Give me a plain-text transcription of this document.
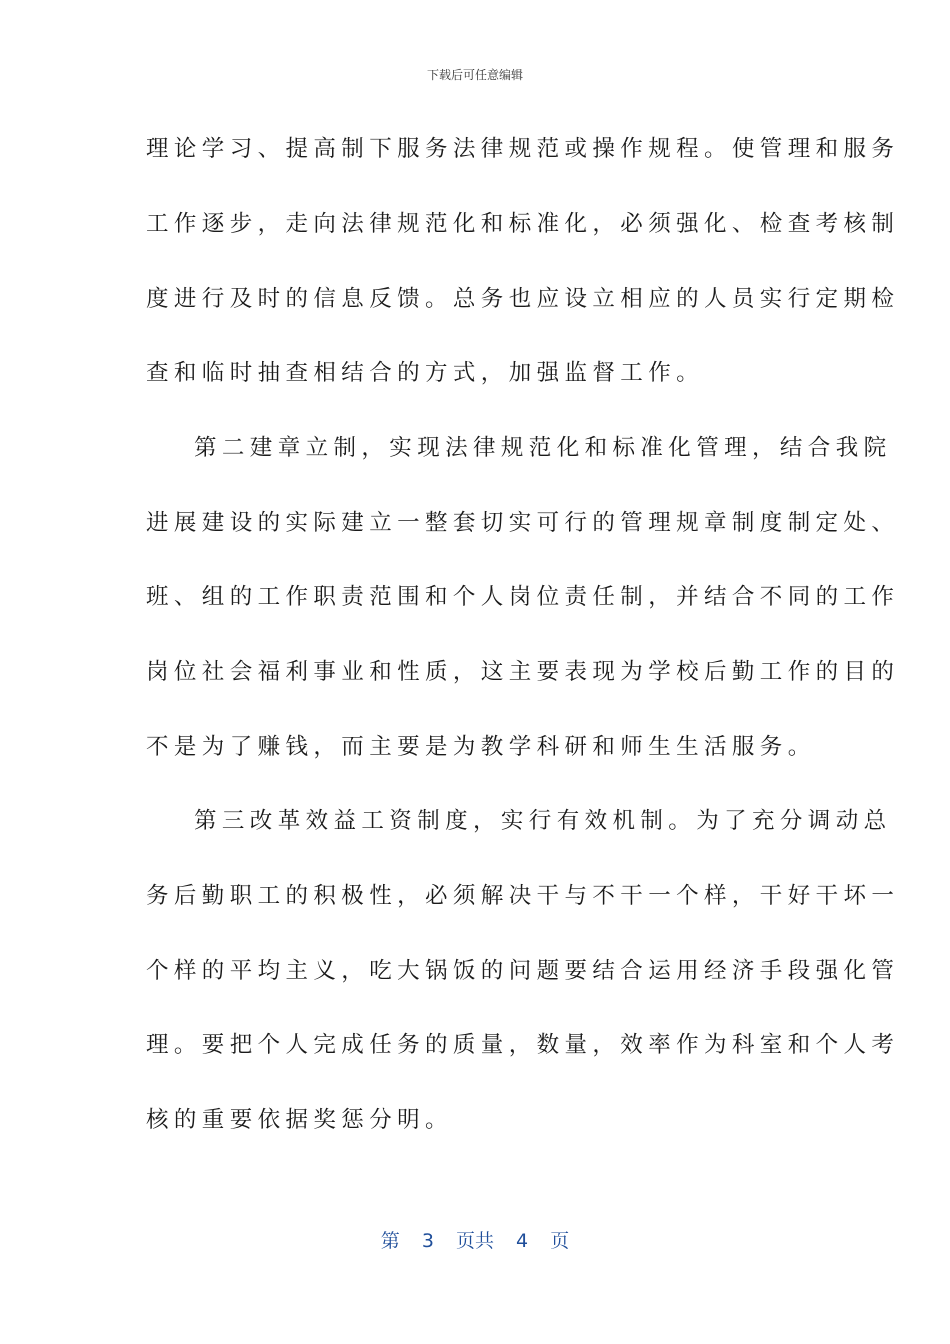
下载后可任意编辑
理论学习、提高制下服务法律规范或操作规程。使管理和服务
工作逐步，走向法律规范化和标准化，必须强化、检查考核制
度进行及时的信息反馈。总务也应设立相应的人员实行定期检
查和临时抽查相结合的方式，加强监督工作。
第二建章立制，实现法律规范化和标准化管理，结合我院
进展建设的实际建立一整套切实可行的管理规章制度制定处、
班、组的工作职责范围和个人岗位责任制，并结合不同的工作
岗位社会福利事业和性质，这主要表现为学校后勤工作的目的
不是为了赚钱，而主要是为教学科研和师生生活服务。
第三改革效益工资制度，实行有效机制。为了充分调动总
务后勤职工的积极性，必须解决干与不干一个样，干好干坏一
个样的平均主义，吃大锅饭的问题要结合运用经济手段强化管
理。要把个人完成任务的质量，数量，效率作为科室和个人考
核的重要依据奖惩分明。
第 3 页共 4 页
